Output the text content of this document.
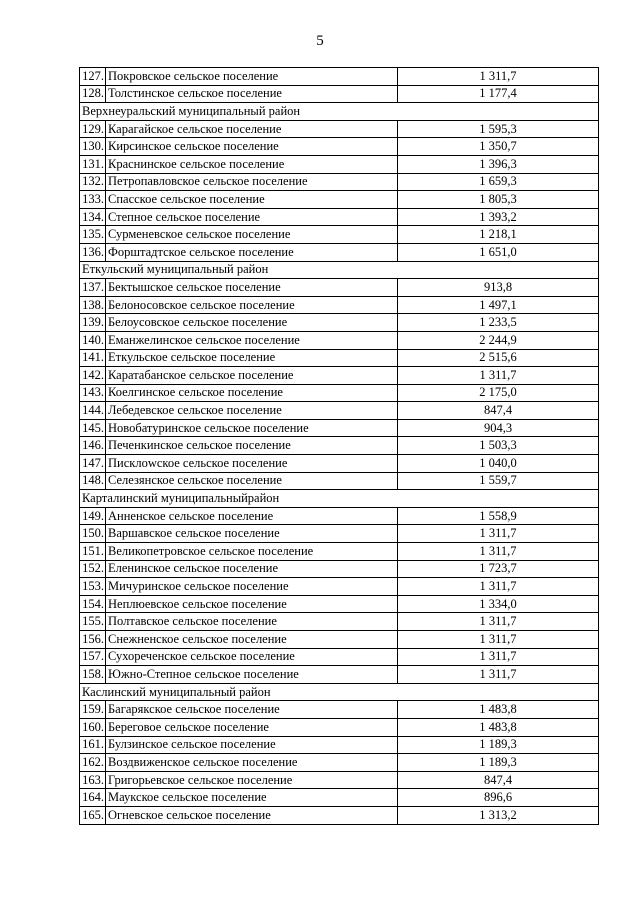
5
127.	Покровское сельское поселение	1 311,7
128.	Толстинское сельское поселение	1 177,4
Верхнеуральский муниципальный район		
129.	Карагайское сельское поселение	1 595,3
130.	Кирсинское сельское поселение	1 350,7
131.	Краснинское сельское поселение	1 396,3
132.	Петропавловское сельское поселение	1 659,3
133.	Спасское сельское поселение	1 805,3
134.	Степное сельское поселение	1 393,2
135.	Сурменевское сельское поселение	1 218,1
136.	Форштадтское сельское поселение	1 651,0
Еткульский муниципальный район		
137.	Бектышское сельское поселение	913,8
138.	Белоносовское сельское поселение	1 497,1
139.	Белоусовское сельское поселение	1 233,5
140.	Еманжелинское сельское поселение	2 244,9
141.	Еткульское сельское поселение	2 515,6
142.	Каратабанское сельское поселение	1 311,7
143.	Коелгинское сельское поселение	2 175,0
144.	Лебедевское сельское поселение	847,4
145.	Новобатуринское сельское поселение	904,3
146.	Печенкинское сельское поселение	1 503,3
147.	Писклowское сельское поселение	1 040,0
148.	Селезянское сельское поселение	1 559,7
Карталинский муниципальныйрайон		
149.	Анненское сельское поселение	1 558,9
150.	Варшавское сельское поселение	1 311,7
151.	Великопетровское сельское поселение	1 311,7
152.	Еленинское сельское поселение	1 723,7
153.	Мичуринское сельское поселение	1 311,7
154.	Неплюевское сельское поселение	1 334,0
155.	Полтавское сельское поселение	1 311,7
156.	Снежненское сельское поселение	1 311,7
157.	Сухореченское сельское поселение	1 311,7
158.	Южно-Степное сельское поселение	1 311,7
Каслинский муниципальный район		
159.	Багарякское сельское поселение	1 483,8
160.	Береговое сельское поселение	1 483,8
161.	Булзинское сельское поселение	1 189,3
162.	Воздвиженское сельское поселение	1 189,3
163.	Григорьевское сельское поселение	847,4
164.	Маукское сельское поселение	896,6
165.	Огневское сельское поселение	1 313,2
